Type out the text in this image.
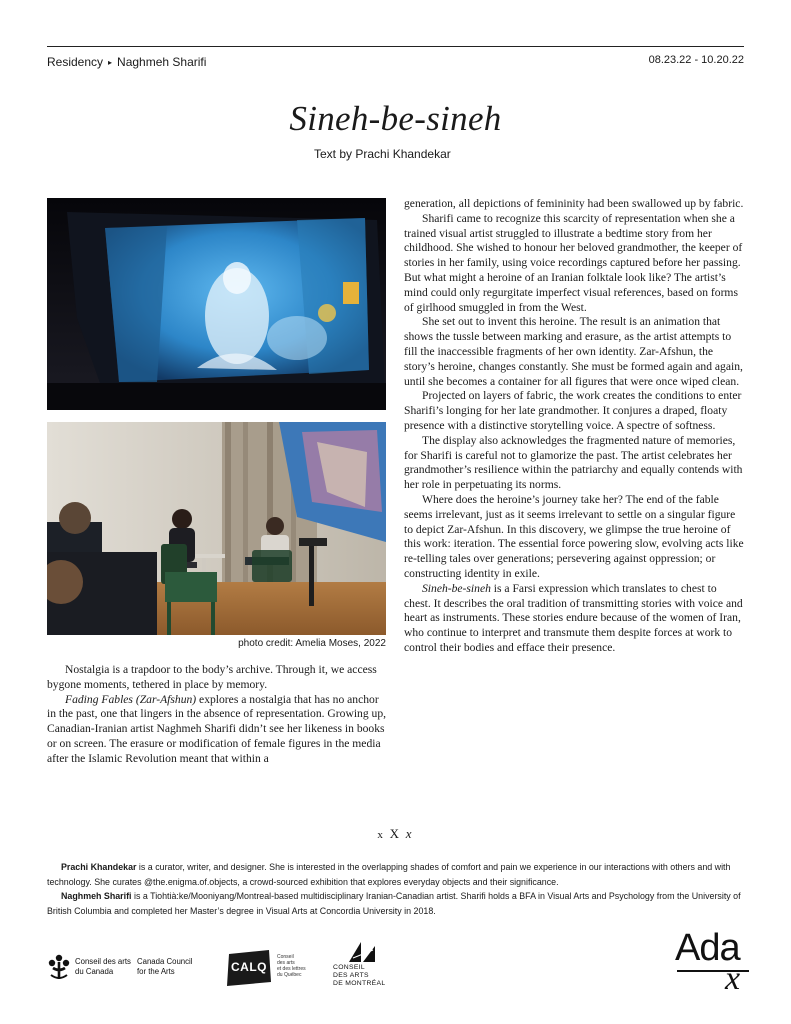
Residency ▸ Naghmeh Sharifi	08.23.22 - 10.20.22
Sineh-be-sineh
Text by Prachi Khandekar
photo credit: Amelia Moses, 2022

Nostalgia is a trapdoor to the body’s archive. Through it, we access bygone moments, tethered in place by memory.

Fading Fables (Zar-Afshun) explores a nostalgia that has no anchor in the past, one that lingers in the absence of representation. Growing up, Canadian-Iranian artist Naghmeh Sharifi didn’t see her likeness in books or on screen. The erasure or modification of female figures in the media after the Islamic Revolution meant that within a

generation, all depictions of femininity had been swallowed up by fabric.

Sharifi came to recognize this scarcity of representation when she a trained visual artist struggled to illustrate a bedtime story from her childhood. She wished to honour her beloved grandmother, the keeper of stories in her family, using voice recordings captured before her passing. But what might a heroine of an Iranian folktale look like? The artist’s mind could only regurgitate imperfect visual references, based on forms of girlhood smuggled in from the West.

She set out to invent this heroine. The result is an animation that shows the tussle between marking and erasure, as the artist attempts to fill the inaccessible fragments of her own identity. Zar-Afshun, the story’s heroine, changes constantly. She must be formed again and again, until she becomes a container for all figures that were once wiped clean.

Projected on layers of fabric, the work creates the conditions to enter Sharifi’s longing for her late grandmother. It conjures a draped, floaty presence with a distinctive storytelling voice. A spectre of softness.

The display also acknowledges the fragmented nature of memories, for Sharifi is careful not to glamorize the past. The artist celebrates her grandmother’s resilience within the patriarchy and equally contends with her role in perpetuating its norms.

Where does the heroine’s journey take her? The end of the fable seems irrelevant, just as it seems irrelevant to settle on a singular figure to depict Zar-Afshun. In this discovery, we glimpse the true heroine of this work: iteration. The essential force powering slow, evolving acts like re-telling tales over generations; persevering against oppression; or constructing identity in exile.

Sineh-be-sineh is a Farsi expression which translates to chest to chest. It describes the oral tradition of transmitting stories with voice and heart as instruments. These stories endure because of the women of Iran, who continue to interpret and transmute them despite forces at work to control their bodies and efface their presence.

x X x
Prachi Khandekar is a curator, writer, and designer. She is interested in the overlapping shades of comfort and pain we experience in our interactions with others and with technology. She curates @the.enigma.of.objects, a crowd-sourced exhibition that explores everyday objects and their significance.
Naghmeh Sharifi is a Tiohtià:ke/Mooniyang/Montreal-based multidisciplinary Iranian-Canadian artist. Sharifi holds a BFA in Visual Arts and Psychology from the University of British Columbia and completed her Master’s degree in Visual Arts at Concordia University in 2018.
Conseil des arts
du Canada
Canada Council
for the Arts	CALQ
Conseil
des arts
et des lettres
du Québec
CONSEIL
DES ARTS
DE MONTRÉAL
Ada
x
